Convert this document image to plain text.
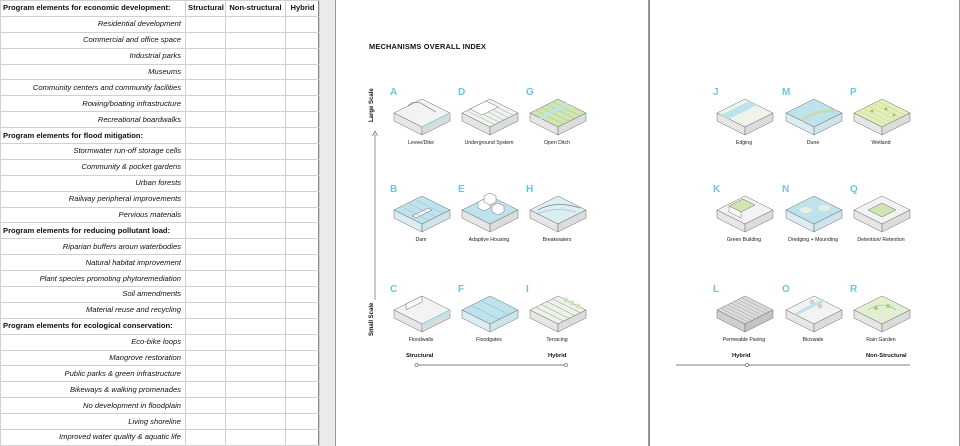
Program elements for economic development:	Structural	Non-structural	Hybrid
Residential development			
Commercial and office space			
Industrial parks			
Museums			
Community centers and community facilities			
Rowing/boating infrastructure			
Recreational boardwalks			
Program elements for flood mitigation:			
Stormwater run-off storage cells			
Community & pocket gardens			
Urban forests			
Railway peripheral improvements			
Pervious materials			
Program elements for reducing pollutant load:			
Riparian buffers aroun waterbodies			
Natural habitat improvement			
Plant species promoting phytoremediation			
Soil amendments			
Material reuse and recycling			
Program elements for ecological conservation:			
Eco-bike loops			
Mangrove restoration			
Public parks & green infrastructure			
Bikeways & walking promenades			
No development in floodplain			
Living shoreline			
Improved water quality & aquatic life			
MECHANISMS OVERALL INDEX
Large Scale
Small Scale
A
Levee/Dike
D
Underground System
G
Open Ditch
B
Dam
E
Adaptive Housing
H
Breakwaters
C
Floodwalls
F
Floodgates
I
Terracing
Structural	Hybrid
J
Edging
M
Dune
P
Wetland
K
Green Building
N
Dredging + Mounding
Q
Detention/ Retention
L
Permeable Paving
O
Bioswale
R
Rain Garden
Hybrid	Non-Structural
